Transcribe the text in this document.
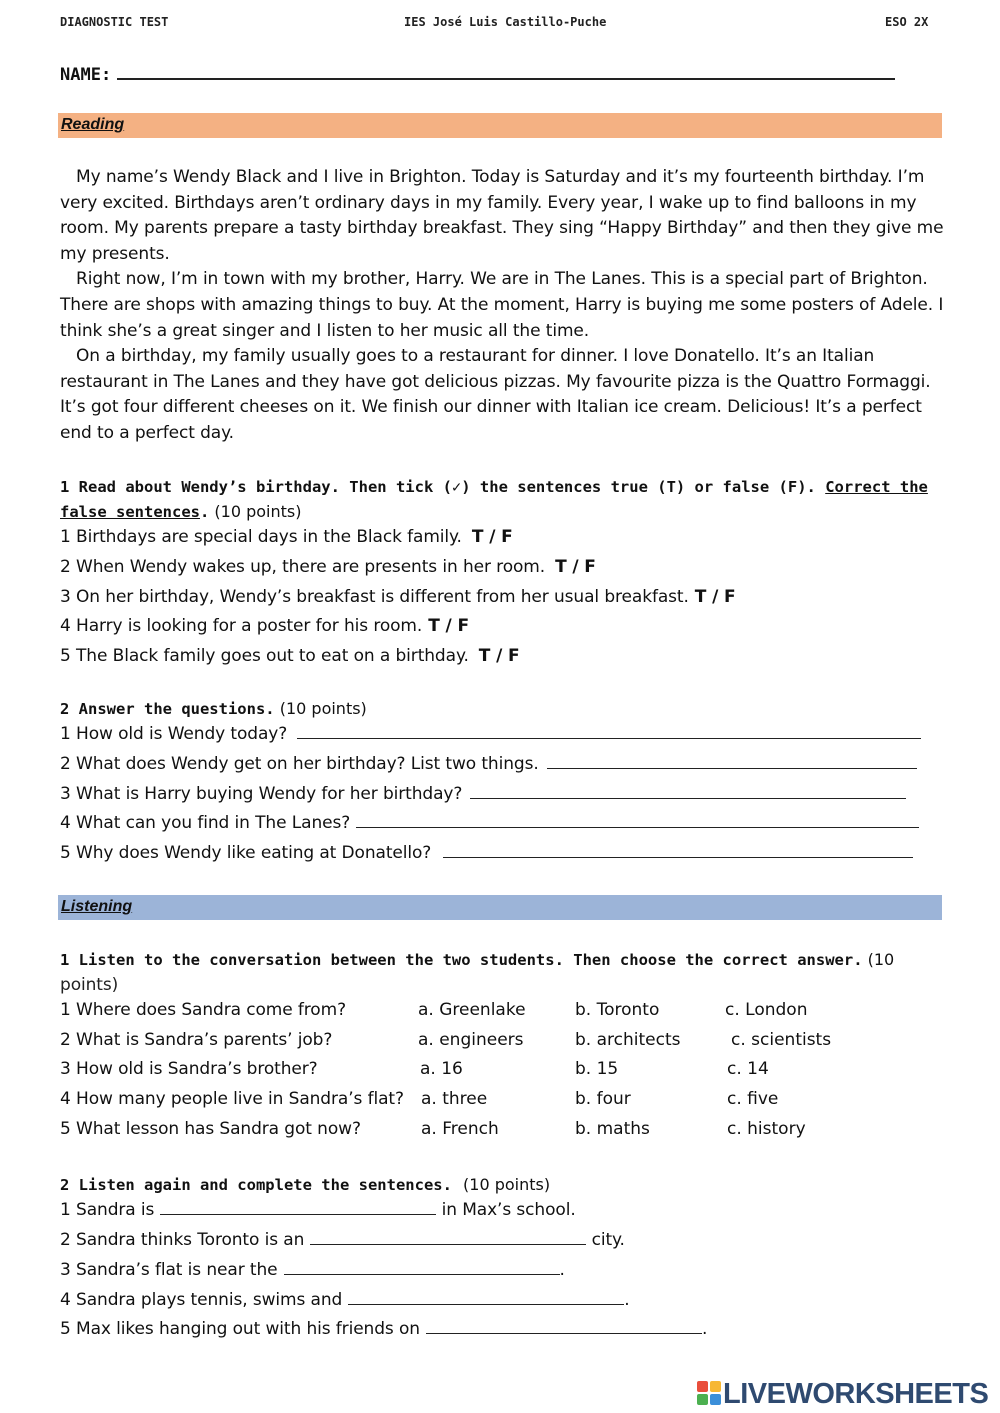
DIAGNOSTIC TEST	IES José Luis Castillo-Puche	ESO 2X
NAME:
Reading

My name’s Wendy Black and I live in Brighton. Today is Saturday and it’s my fourteenth birthday. I’m very excited. Birthdays aren’t ordinary days in my family. Every year, I wake up to find balloons in my room. My parents prepare a tasty birthday breakfast. They sing “Happy Birthday” and then they give me my presents.

Right now, I’m in town with my brother, Harry. We are in The Lanes. This is a special part of Brighton. There are shops with amazing things to buy. At the moment, Harry is buying me some posters of Adele. I think she’s a great singer and I listen to her music all the time.

On a birthday, my family usually goes to a restaurant for dinner. I love Donatello. It’s an Italian restaurant in The Lanes and they have got delicious pizzas. My favourite pizza is the Quattro Formaggi. It’s got four different cheeses on it. We finish our dinner with Italian ice cream. Delicious! It’s a perfect end to a perfect day.

1 Read about Wendy’s birthday. Then tick (✓) the sentences true (T) or false (F). Correct the
false sentences. (10 points)
1 Birthdays are special days in the Black family. T / F
2 When Wendy wakes up, there are presents in her room. T / F
3 On her birthday, Wendy’s breakfast is different from her usual breakfast. T / F
4 Harry is looking for a poster for his room. T / F
5 The Black family goes out to eat on a birthday. T / F
2 Answer the questions. (10 points)
1 How old is Wendy today?
2 What does Wendy get on her birthday? List two things.
3 What is Harry buying Wendy for her birthday?
4 What can you find in The Lanes?
5 Why does Wendy like eating at Donatello?
Listening
1 Listen to the conversation between the two students. Then choose the correct answer. (10
points)
1 Where does Sandra come from?	a. Greenlake	b. Toronto	c. London
2 What is Sandra’s parents’ job?	a. engineers	b. architects	c. scientists
3 How old is Sandra’s brother?	a. 16	b. 15	c. 14
4 How many people live in Sandra’s flat? a. three	b. four	c. five
5 What lesson has Sandra got now?	a. French	b. maths	c. history
2 Listen again and complete the sentences. (10 points)
1 Sandra is	in Max’s school.
2 Sandra thinks Toronto is an	city.
3 Sandra’s flat is near the	.
4 Sandra plays tennis, swims and	.
5 Max likes hanging out with his friends on	.
LIVEWORKSHEETS
